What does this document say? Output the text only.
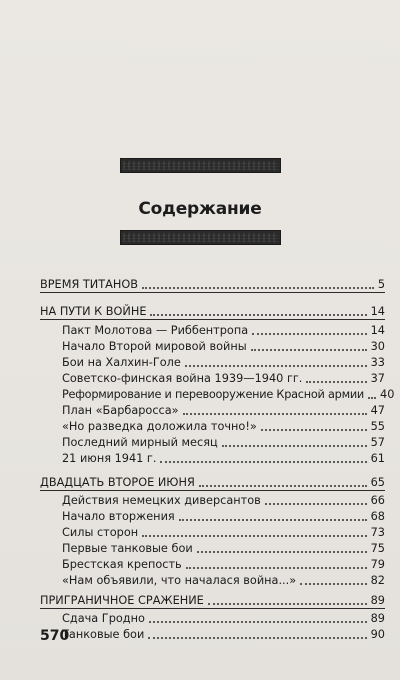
Содержание
ВРЕМЯ ТИТАНОВ	5
НА ПУТИ К ВОЙНЕ	14
Пакт Молотова — Риббентропа	14
Начало Второй мировой войны	30
Бои на Халхин-Голе	33
Советско-финская война 1939—1940 гг.	37
Реформирование и перевооружение Красной армии 40
План «Барбаросса»	47
«Но разведка доложила точно!»	55
Последний мирный месяц	57
21 июня 1941 г.	61
ДВАДЦАТЬ ВТОРОЕ ИЮНЯ	65
Действия немецких диверсантов	66
Начало вторжения	68
Силы сторон	73
Первые танковые бои	75
Брестская крепость	79
«Нам объявили, что началася война...»	82
ПРИГРАНИЧНОЕ СРАЖЕНИЕ	89
Сдача Гродно	89
Танковые бои	90
570
